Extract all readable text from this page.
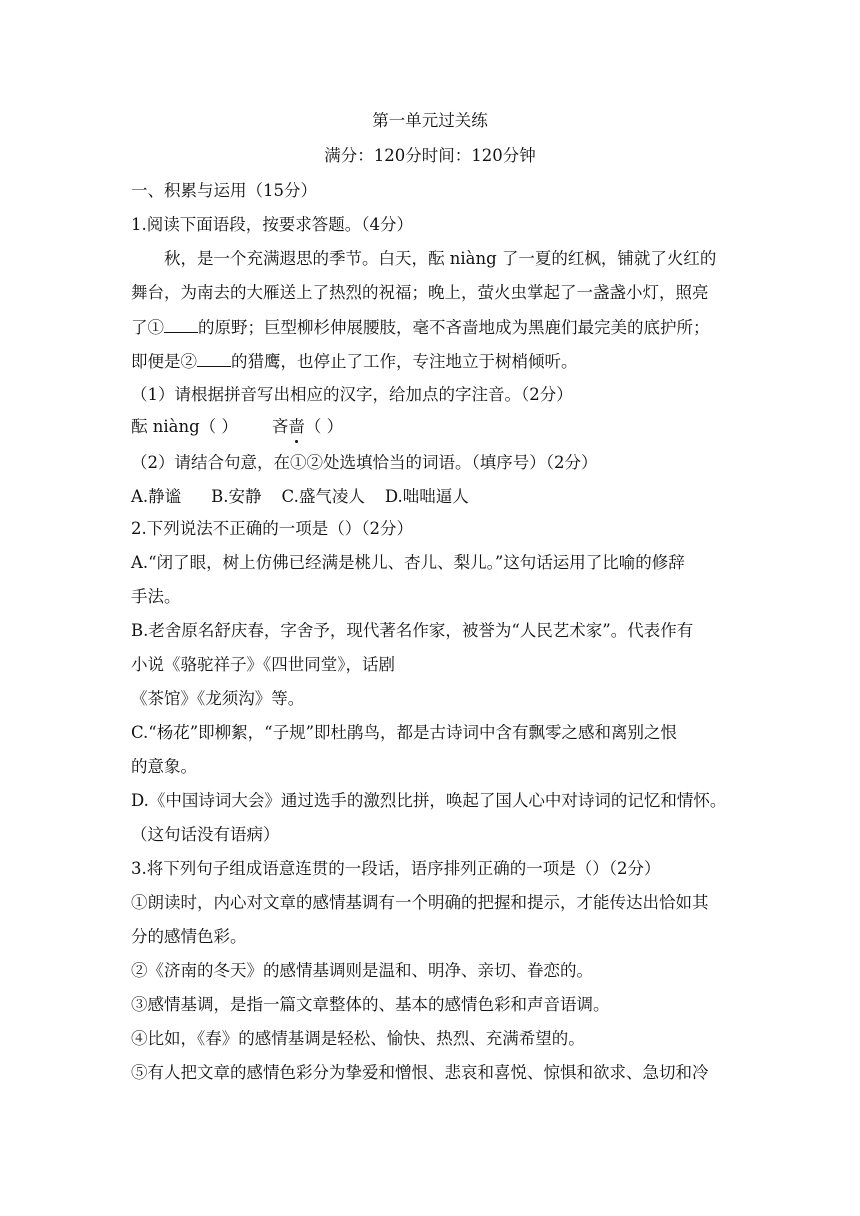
第一单元过关练
满分：120分时间：120分钟
一、积累与运用（15分）
1.阅读下面语段，按要求答题。（4分）
秋，是一个充满遐思的季节。白天，酝 niàng 了一夏的红枫，铺就了火红的
舞台，为南去的大雁送上了热烈的祝福；晚上，萤火虫掌起了一盏盏小灯，照亮
了① 的原野；巨型柳杉伸展腰肢，毫不吝啬地成为黑鹿们最完美的底护所；
即便是② 的猎鹰，也停止了工作，专注地立于树梢倾听。
（1）请根据拼音写出相应的汉字，给加点的字注音。（2分）
酝 niàng（ ） 吝啬（ ）
（2）请结合句意，在①②处选填恰当的词语。（填序号）（2分）
A.静谧 B.安静 C.盛气凌人 D.咄咄逼人
2.下列说法不正确的一项是（）（2分）
A.“闭了眼，树上仿佛已经满是桃儿、杏儿、梨儿。”这句话运用了比喻的修辞
手法。
B.老舍原名舒庆春，字舍予，现代著名作家，被誉为“人民艺术家”。代表作有
小说《骆驼祥子》《四世同堂》，话剧
《茶馆》《龙须沟》等。
C.“杨花”即柳絮，“子规”即杜鹃鸟，都是古诗词中含有飘零之感和离别之恨
的意象。
D.《中国诗词大会》通过选手的激烈比拼，唤起了国人心中对诗词的记忆和情怀。
（这句话没有语病）
3.将下列句子组成语意连贯的一段话，语序排列正确的一项是（）（2分）
①朗读时，内心对文章的感情基调有一个明确的把握和提示，才能传达出恰如其
分的感情色彩。
②《济南的冬天》的感情基调则是温和、明净、亲切、眷恋的。
③感情基调，是指一篇文章整体的、基本的感情色彩和声音语调。
④比如，《春》的感情基调是轻松、愉快、热烈、充满希望的。
⑤有人把文章的感情色彩分为挚爱和憎恨、悲哀和喜悦、惊惧和欲求、急切和冷
